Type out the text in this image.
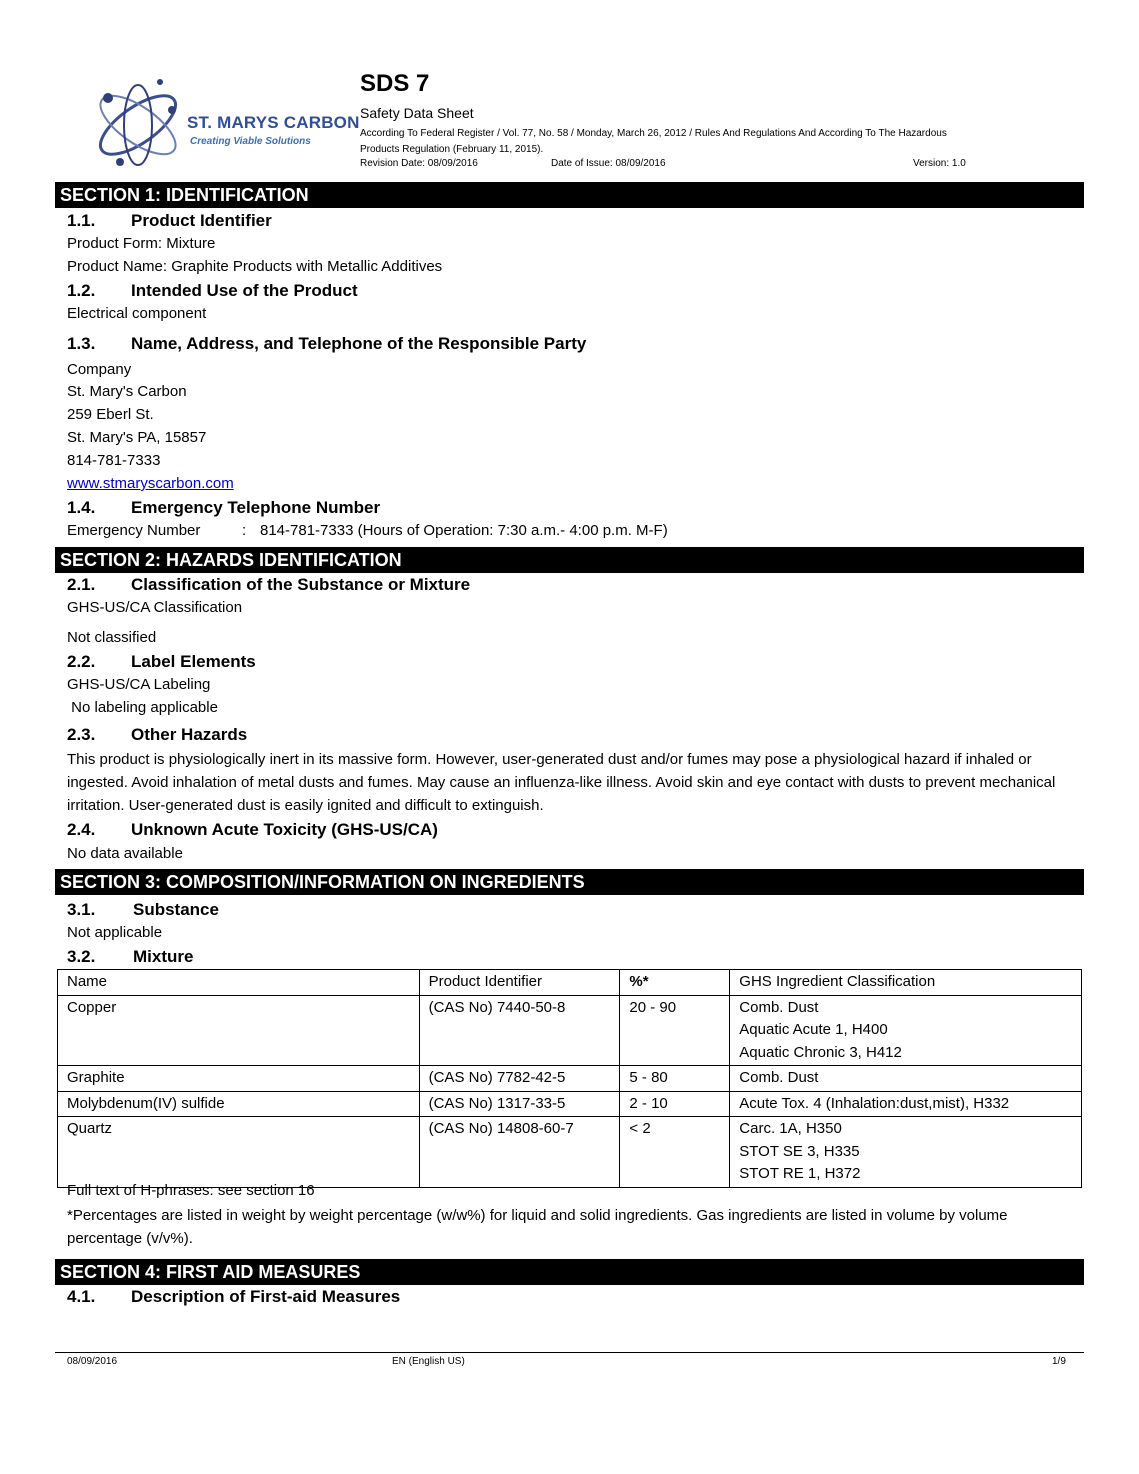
ST. MARYS CARBON
Creating Viable Solutions
SDS 7
Safety Data Sheet
According To Federal Register / Vol. 77, No. 58 / Monday, March 26, 2012 / Rules And Regulations And According To The Hazardous
Products Regulation (February 11, 2015).
Revision Date: 08/09/2016	Date of Issue: 08/09/2016	Version: 1.0
SECTION 1: IDENTIFICATION
1.1. Product Identifier
Product Form: Mixture
Product Name: Graphite Products with Metallic Additives
1.2. Intended Use of the Product
Electrical component
1.3. Name, Address, and Telephone of the Responsible Party
Company
St. Mary's Carbon
259 Eberl St.
St. Mary's PA, 15857
814-781-7333
www.stmaryscarbon.com
1.4. Emergency Telephone Number
Emergency Number	: 814-781-7333 (Hours of Operation: 7:30 a.m.- 4:00 p.m. M-F)
SECTION 2: HAZARDS IDENTIFICATION
2.1. Classification of the Substance or Mixture
GHS-US/CA Classification
Not classified
2.2. Label Elements
GHS-US/CA Labeling
No labeling applicable
2.3. Other Hazards
This product is physiologically inert in its massive form. However, user-generated dust and/or fumes may pose a physiological hazard if inhaled or ingested. Avoid inhalation of metal dusts and fumes. May cause an influenza-like illness. Avoid skin and eye contact with dusts to prevent mechanical irritation. User-generated dust is easily ignited and difficult to extinguish.
2.4. Unknown Acute Toxicity (GHS-US/CA)
No data available
SECTION 3: COMPOSITION/INFORMATION ON INGREDIENTS
3.1. Substance
Not applicable
3.2. Mixture
Name	Product Identifier	%*	GHS Ingredient Classification
Copper	(CAS No) 7440-50-8	20 - 90	Comb. Dust
Aquatic Acute 1, H400
Aquatic Chronic 3, H412

Graphite	(CAS No) 7782-42-5	5 - 80	Comb. Dust
Molybdenum(IV) sulfide	(CAS No) 1317-33-5	2 - 10	Acute Tox. 4 (Inhalation:dust,mist), H332
Quartz	(CAS No) 14808-60-7	< 2	Carc. 1A, H350
STOT SE 3, H335
STOT RE 1, H372
Full text of H-phrases: see section 16
*Percentages are listed in weight by weight percentage (w/w%) for liquid and solid ingredients. Gas ingredients are listed in volume by volume percentage (v/v%).
SECTION 4: FIRST AID MEASURES
4.1. Description of First-aid Measures
08/09/2016	EN (English US)	1/9
